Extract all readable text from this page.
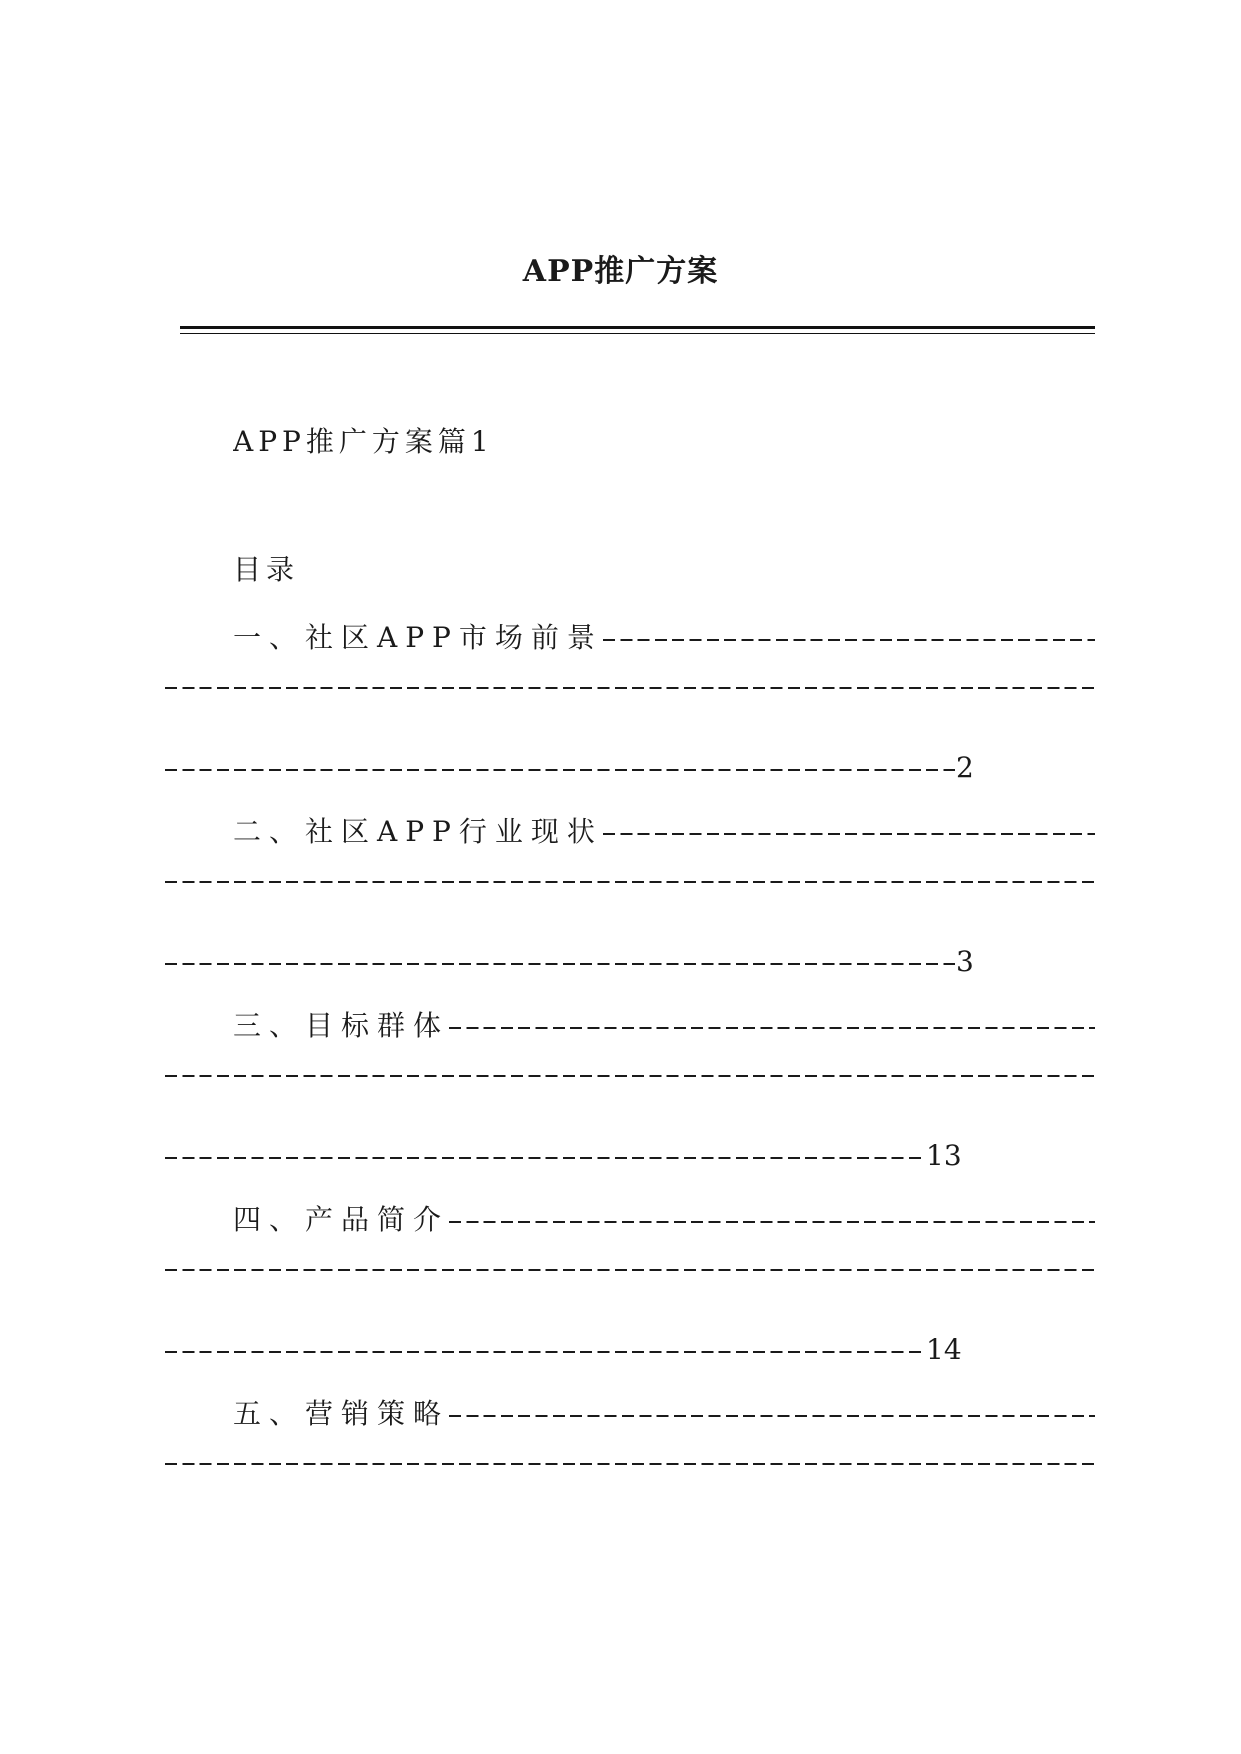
APP推广方案
APP推广方案篇1
目录
一、社区APP市场前景
2
二、社区APP行业现状
3
三、目标群体
13
四、产品简介
14
五、营销策略
